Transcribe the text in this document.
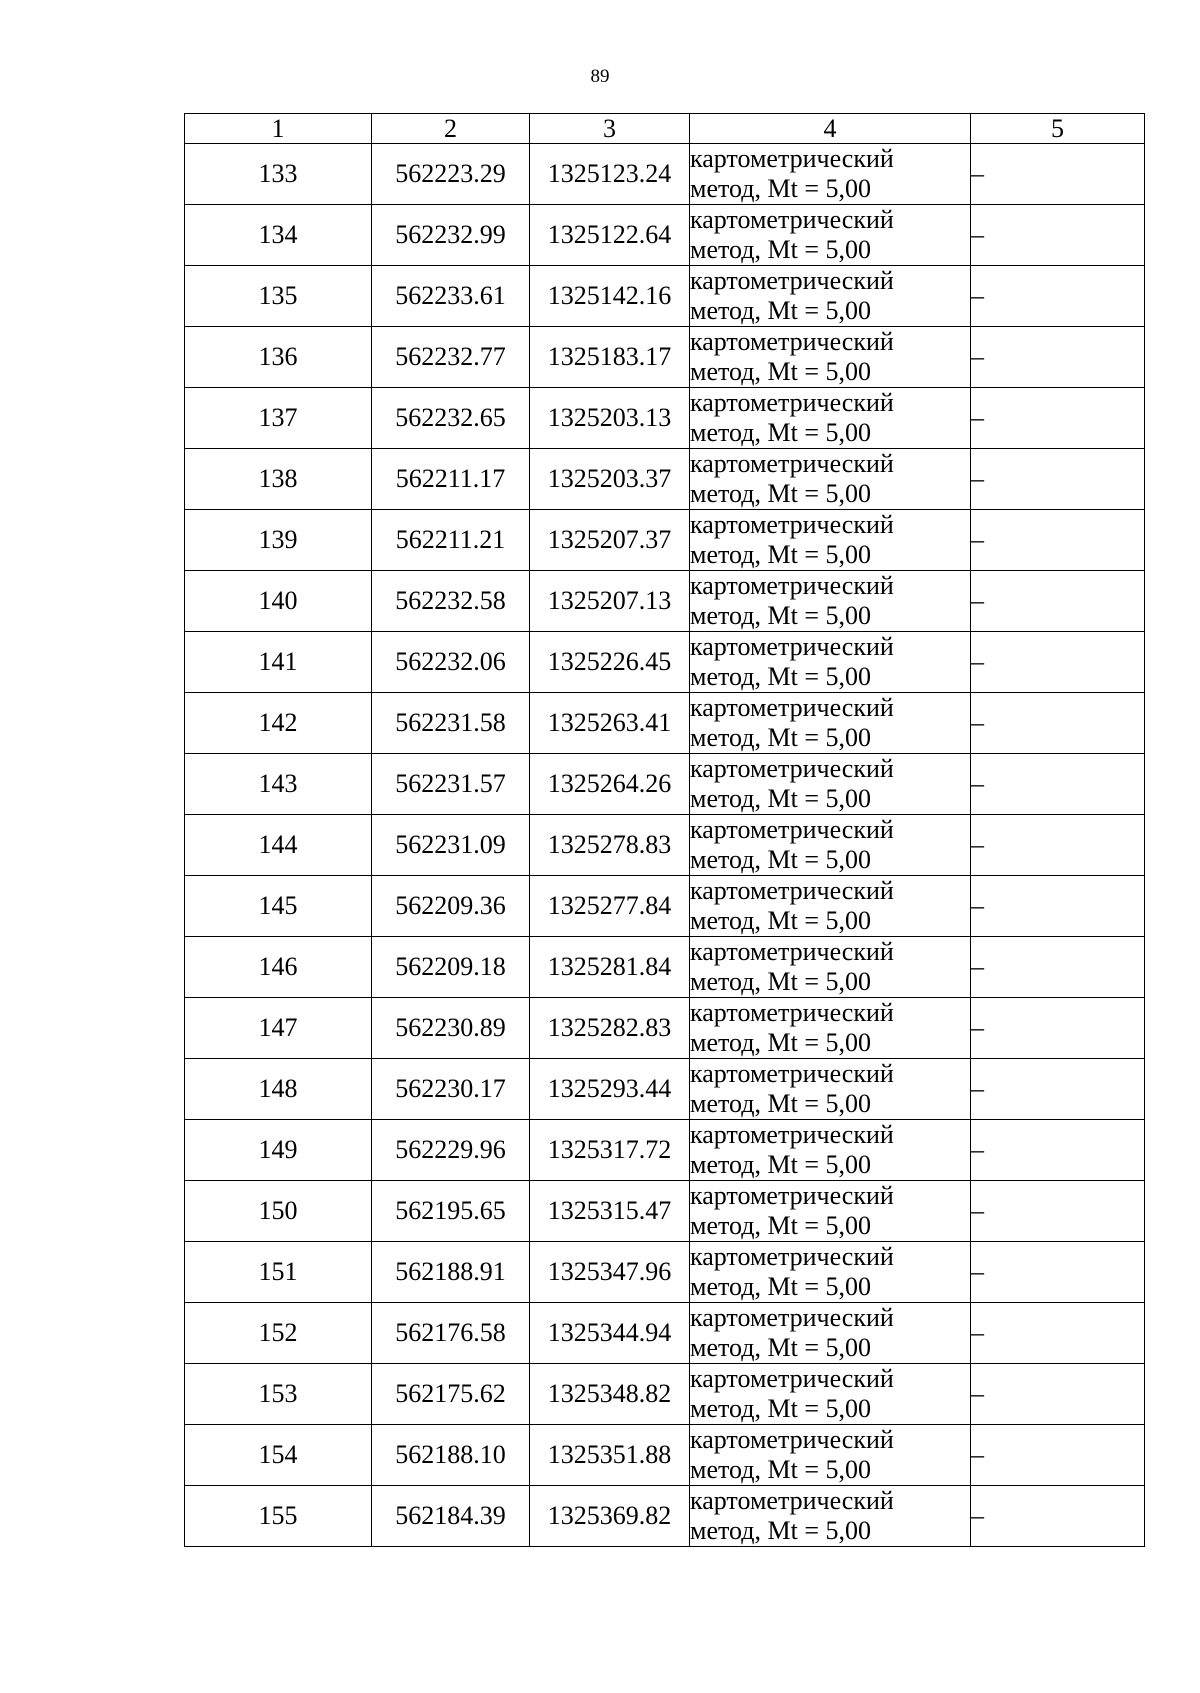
89
1	2	3	4	5
133	562223.29	1325123.24	картометрический
метод, Mt = 5,00	–
134	562232.99	1325122.64	картометрический
метод, Mt = 5,00	–
135	562233.61	1325142.16	картометрический
метод, Mt = 5,00	–
136	562232.77	1325183.17	картометрический
метод, Mt = 5,00	–
137	562232.65	1325203.13	картометрический
метод, Mt = 5,00	–
138	562211.17	1325203.37	картометрический
метод, Mt = 5,00	–
139	562211.21	1325207.37	картометрический
метод, Mt = 5,00	–
140	562232.58	1325207.13	картометрический
метод, Mt = 5,00	–
141	562232.06	1325226.45	картометрический
метод, Mt = 5,00	–
142	562231.58	1325263.41	картометрический
метод, Mt = 5,00	–
143	562231.57	1325264.26	картометрический
метод, Mt = 5,00	–
144	562231.09	1325278.83	картометрический
метод, Mt = 5,00	–
145	562209.36	1325277.84	картометрический
метод, Mt = 5,00	–
146	562209.18	1325281.84	картометрический
метод, Mt = 5,00	–
147	562230.89	1325282.83	картометрический
метод, Mt = 5,00	–
148	562230.17	1325293.44	картометрический
метод, Mt = 5,00	–
149	562229.96	1325317.72	картометрический
метод, Mt = 5,00	–
150	562195.65	1325315.47	картометрический
метод, Mt = 5,00	–
151	562188.91	1325347.96	картометрический
метод, Mt = 5,00	–
152	562176.58	1325344.94	картометрический
метод, Mt = 5,00	–
153	562175.62	1325348.82	картометрический
метод, Mt = 5,00	–
154	562188.10	1325351.88	картометрический
метод, Mt = 5,00	–
155	562184.39	1325369.82	картометрический
метод, Mt = 5,00	–
